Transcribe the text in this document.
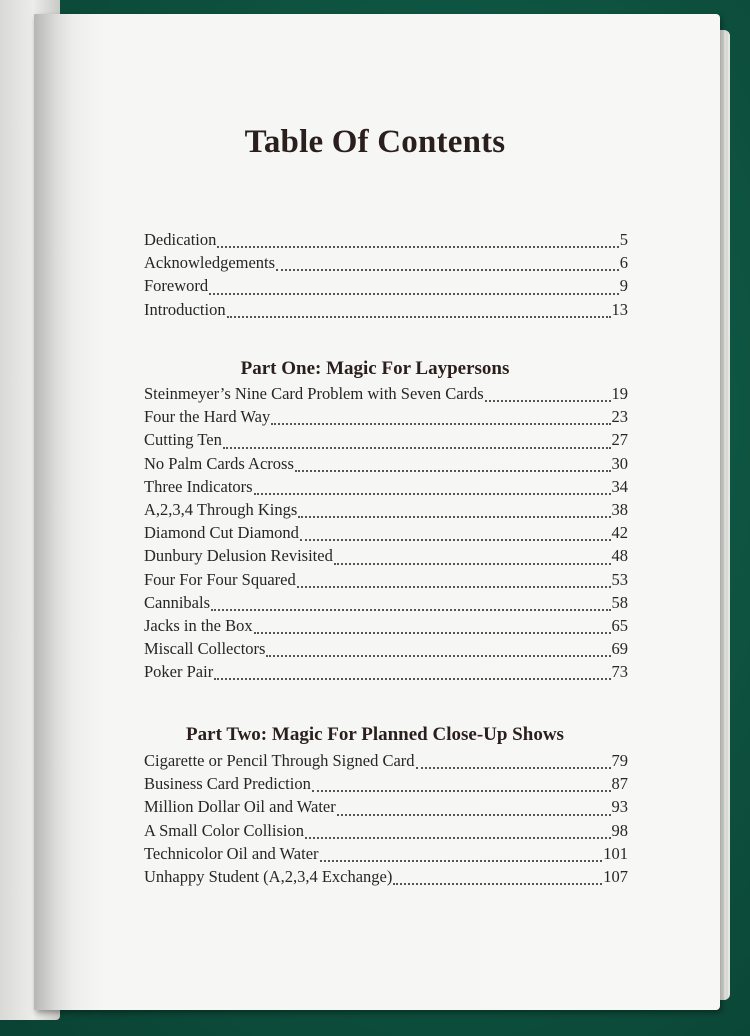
Table Of Contents
Dedication	5
Acknowledgements	6
Foreword	9
Introduction	13
Part One: Magic For Laypersons
Steinmeyer’s Nine Card Problem with Seven Cards	19
Four the Hard Way	23
Cutting Ten	27
No Palm Cards Across	30
Three Indicators	34
A,2,3,4 Through Kings	38
Diamond Cut Diamond	42
Dunbury Delusion Revisited	48
Four For Four Squared	53
Cannibals	58
Jacks in the Box	65
Miscall Collectors	69
Poker Pair	73
Part Two: Magic For Planned Close-Up Shows
Cigarette or Pencil Through Signed Card	79
Business Card Prediction	87
Million Dollar Oil and Water	93
A Small Color Collision	98
Technicolor Oil and Water	101
Unhappy Student (A,2,3,4 Exchange)	107
